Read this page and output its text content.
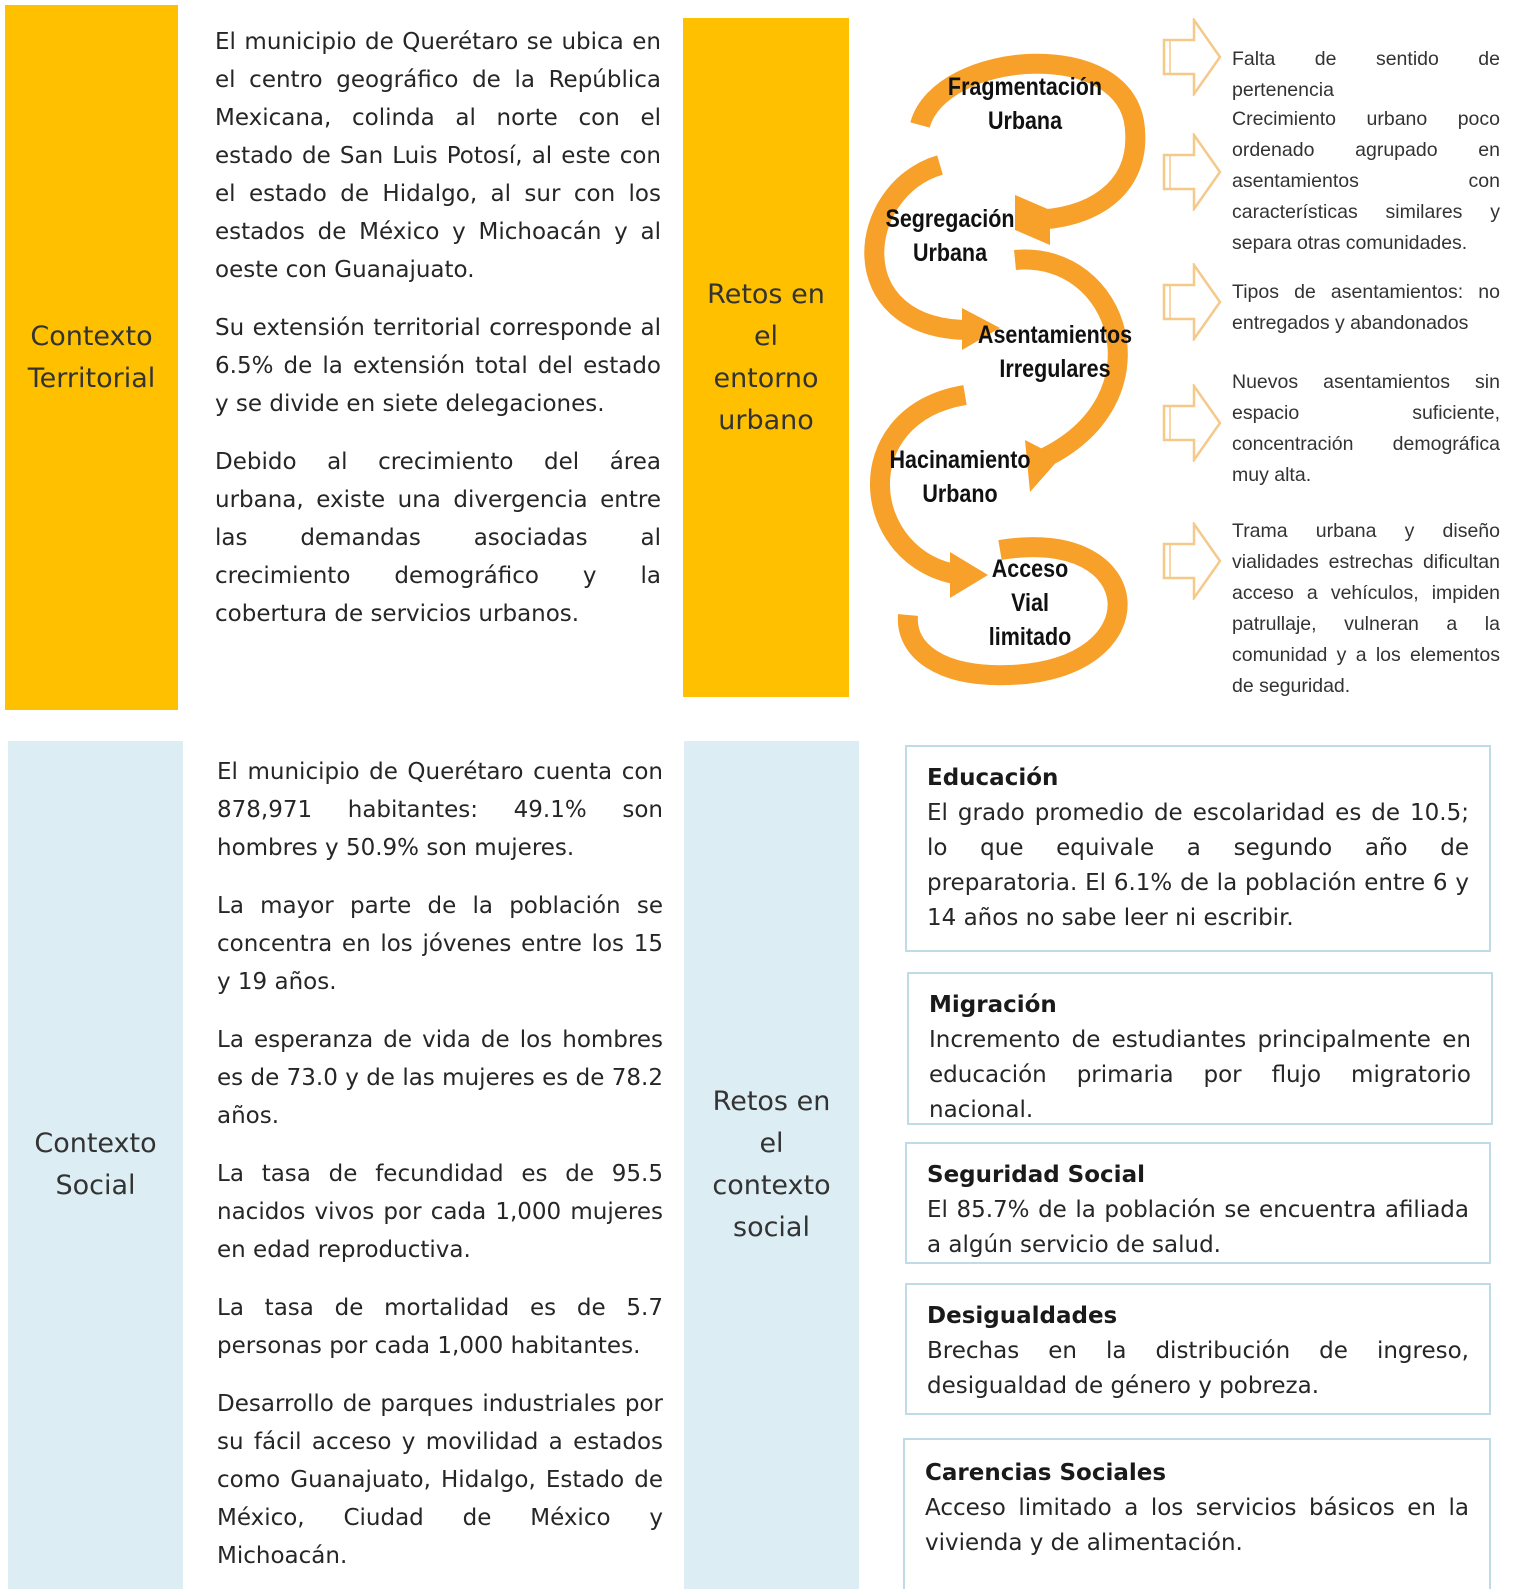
Contexto Territorial

El municipio de Querétaro se ubica en el centro geográfico de la República Mexicana, colinda al norte con el estado de San Luis Potosí, al este con el estado de Hidalgo, al sur con los estados de México y Michoacán y al oeste con Guanajuato.

Su extensión territorial corresponde al 6.5% de la extensión total del estado y se divide en siete delegaciones.

Debido al crecimiento del área urbana, existe una divergencia entre las demandas asociadas al crecimiento demográfico y la cobertura de servicios urbanos.

Retos en el entorno urbano
Fragmentación
Urbana
Segregación
Urbana
Asentamientos
Irregulares
Hacinamiento
Urbano
Acceso
Vial
limitado

Falta de sentido de pertenencia

Crecimiento urbano poco ordenado agrupado en asentamientos con características similares y separa otras comunidades.

Tipos de asentamientos: no entregados y abandonados

Nuevos asentamientos sin espacio suficiente, concentración demográfica muy alta.

Trama urbana y diseño vialidades estrechas dificultan acceso a vehículos, impiden patrullaje, vulneran a la comunidad y a los elementos de seguridad.

Contexto Social

El municipio de Querétaro cuenta con 878,971 habitantes: 49.1% son hombres y 50.9% son mujeres.

La mayor parte de la población se concentra en los jóvenes entre los 15 y 19 años.

La esperanza de vida de los hombres es de 73.0 y de las mujeres es de 78.2 años.

La tasa de fecundidad es de 95.5 nacidos vivos por cada 1,000 mujeres en edad reproductiva.

La tasa de mortalidad es de 5.7 personas por cada 1,000 habitantes.

Desarrollo de parques industriales por su fácil acceso y movilidad a estados como Guanajuato, Hidalgo, Estado de México, Ciudad de México y Michoacán.

Retos en el contexto social
Educación
El grado promedio de escolaridad es de 10.5; lo que equivale a segundo año de preparatoria. El 6.1% de la población entre 6 y 14 años no sabe leer ni escribir.
Migración
Incremento de estudiantes principalmente en educación primaria por flujo migratorio nacional.
Seguridad Social
El 85.7% de la población se encuentra afiliada a algún servicio de salud.
Desigualdades
Brechas en la distribución de ingreso, desigualdad de género y pobreza.
Carencias Sociales
Acceso limitado a los servicios básicos en la vivienda y de alimentación.
